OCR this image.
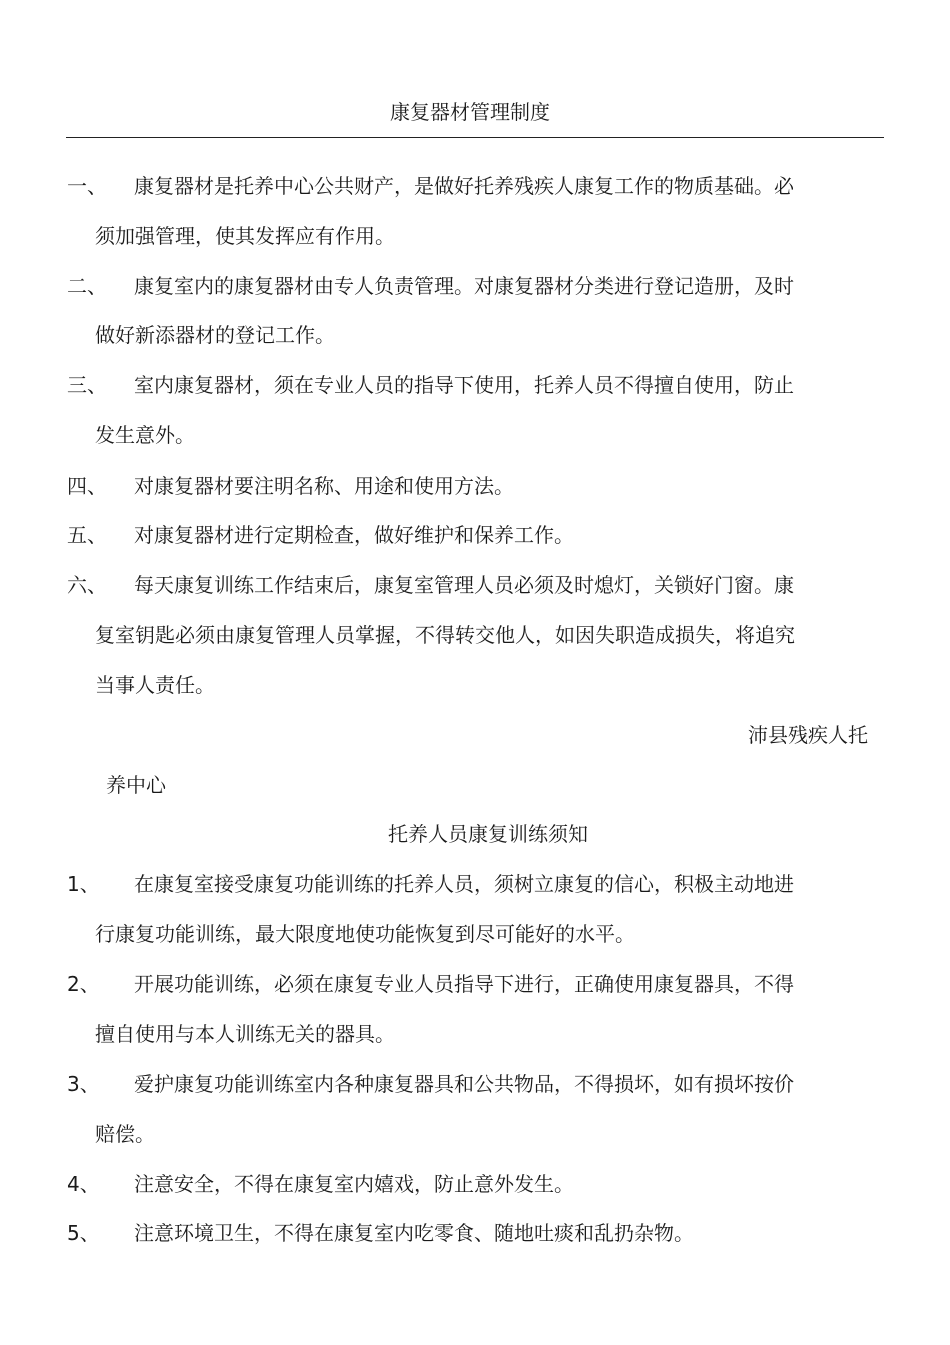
康复器材管理制度
一、 康复器材是托养中心公共财产，是做好托养残疾人康复工作的物质基础。必
须加强管理，使其发挥应有作用。
二、 康复室内的康复器材由专人负责管理。对康复器材分类进行登记造册，及时
做好新添器材的登记工作。
三、 室内康复器材，须在专业人员的指导下使用，托养人员不得擅自使用，防止
发生意外。
四、 对康复器材要注明名称、用途和使用方法。
五、 对康复器材进行定期检查，做好维护和保养工作。
六、 每天康复训练工作结束后，康复室管理人员必须及时熄灯，关锁好门窗。康
复室钥匙必须由康复管理人员掌握，不得转交他人，如因失职造成损失，将追究
当事人责任。
沛县残疾人托
养中心
托养人员康复训练须知
1、 在康复室接受康复功能训练的托养人员，须树立康复的信心，积极主动地进
行康复功能训练，最大限度地使功能恢复到尽可能好的水平。
2、 开展功能训练，必须在康复专业人员指导下进行，正确使用康复器具，不得
擅自使用与本人训练无关的器具。
3、 爱护康复功能训练室内各种康复器具和公共物品，不得损坏，如有损坏按价
赔偿。
4、 注意安全，不得在康复室内嬉戏，防止意外发生。
5、 注意环境卫生，不得在康复室内吃零食、随地吐痰和乱扔杂物。
